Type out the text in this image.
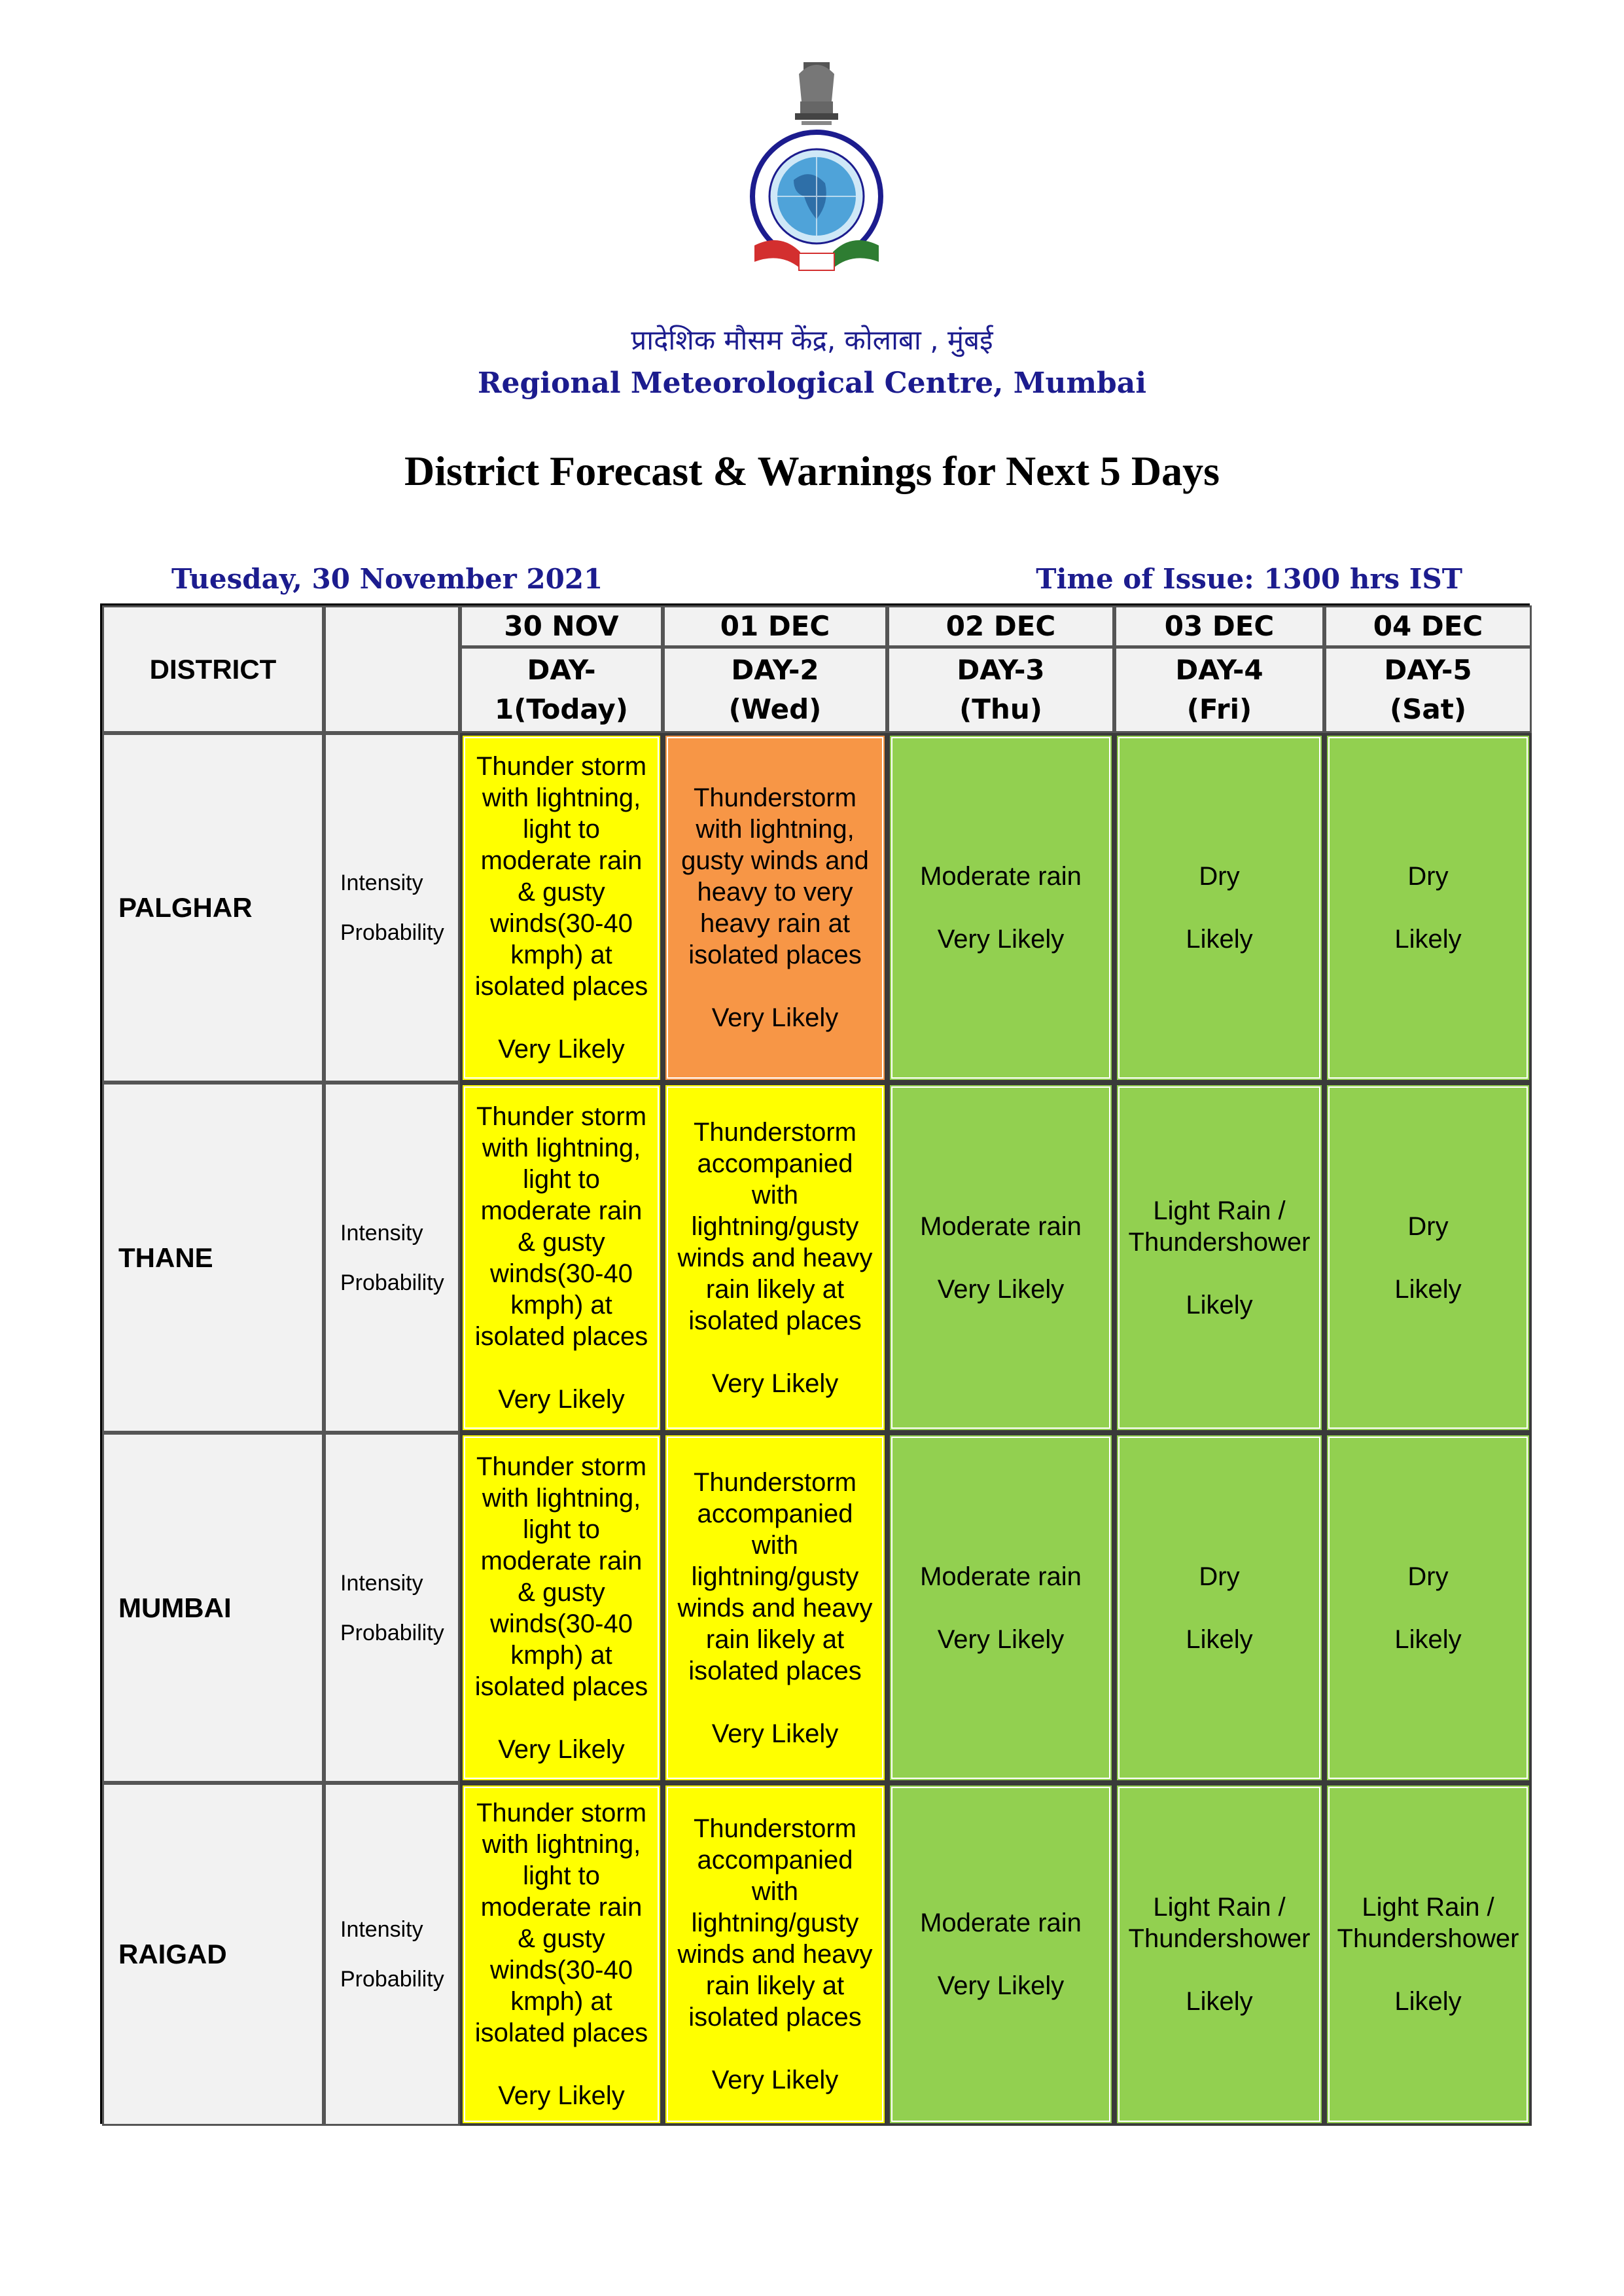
प्रादेशिक मौसम केंद्र, कोलाबा , मुंबई
Regional Meteorological Centre, Mumbai
District Forecast & Warnings for Next 5 Days
Tuesday, 30 November 2021	Time of Issue: 1300 hrs IST
DISTRICT
30 NOV
DAY-
1(Today)
01 DEC
DAY-2
(Wed)
02 DEC
DAY-3
(Thu)
03 DEC
DAY-4
(Fri)
04 DEC
DAY-5
(Sat)
PALGHAR
Intensity
Probability
Thunder storm with lightning, light to moderate rain & gusty winds(30-40 kmph) at isolated places
Very Likely
Thunderstorm with lightning, gusty winds and heavy to very heavy rain at isolated places
Very Likely
Moderate rain
Very Likely
Dry
Likely
Dry
Likely
THANE
Intensity
Probability
Thunder storm with lightning, light to moderate rain & gusty winds(30-40 kmph) at isolated places
Very Likely
Thunderstorm accompanied with lightning/gusty winds and heavy rain likely at isolated places
Very Likely
Moderate rain
Very Likely
Light Rain / Thundershower
Likely
Dry
Likely
MUMBAI
Intensity
Probability
Thunder storm with lightning, light to moderate rain & gusty winds(30-40 kmph) at isolated places
Very Likely
Thunderstorm accompanied with lightning/gusty winds and heavy rain likely at isolated places
Very Likely
Moderate rain
Very Likely
Dry
Likely
Dry
Likely
RAIGAD
Intensity
Probability
Thunder storm with lightning, light to moderate rain & gusty winds(30-40 kmph) at isolated places
Very Likely
Thunderstorm accompanied with lightning/gusty winds and heavy rain likely at isolated places
Very Likely
Moderate rain
Very Likely
Light Rain / Thundershower
Likely
Light Rain / Thundershower
Likely
